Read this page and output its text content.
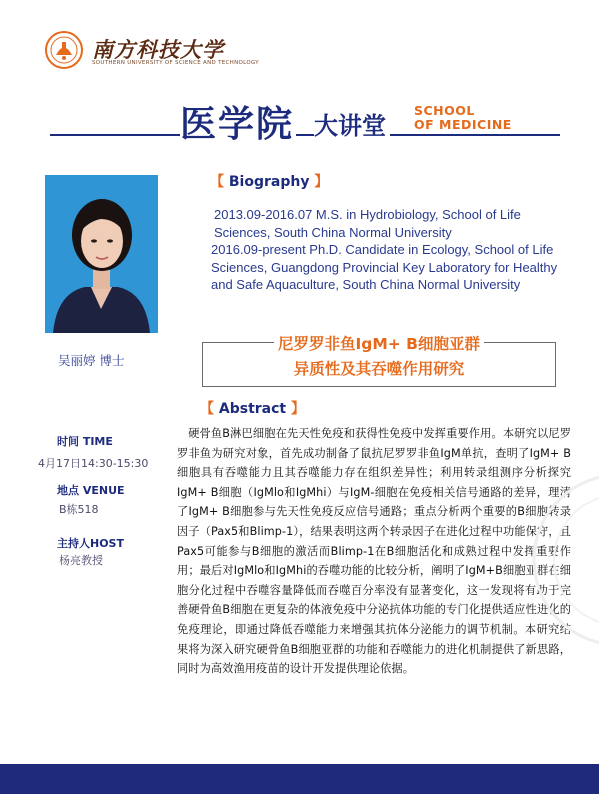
南方科技大学
SOUTHERN UNIVERSITY OF SCIENCE AND TECHNOLOGY
医学院 大讲堂
SCHOOL
OF MEDICINE
吴丽婷 博士
【 Biography 】

2013.09-2016.07 M.S. in Hydrobiology, School of Life Sciences, South China Normal University

2016.09-present Ph.D. Candidate in Ecology, School of Life Sciences, Guangdong Provincial Key Laboratory for Healthy and Safe Aquaculture, South China Normal University

尼罗罗非鱼IgM+ B细胞亚群
异质性及其吞噬作用研究
【 Abstract 】
硬骨鱼B淋巴细胞在先天性免疫和获得性免疫中发挥重要作用。本研究以尼罗罗非鱼为研究对象，首先成功制备了鼠抗尼罗罗非鱼IgM单抗，查明了IgM+ B细胞具有吞噬能力且其吞噬能力存在组织差异性；利用转录组测序分析探究IgM+ B细胞（IgMlo和IgMhi）与IgM-细胞在免疫相关信号通路的差异，理清了IgM+ B细胞参与先天性免疫反应信号通路；重点分析两个重要的B细胞转录因子（Pax5和Blimp-1），结果表明这两个转录因子在进化过程中功能保守，且Pax5可能参与B细胞的激活而Blimp-1在B细胞活化和成熟过程中发挥重要作用；最后对IgMlo和IgMhi的吞噬功能的比较分析，阐明了IgM+B细胞亚群在细胞分化过程中吞噬容量降低而吞噬百分率没有显著变化，这一发现将有助于完善硬骨鱼B细胞在更复杂的体液免疫中分泌抗体功能的专门化提供适应性进化的免疫理论，即通过降低吞噬能力来增强其抗体分泌能力的调节机制。本研究结果将为深入研究硬骨鱼B细胞亚群的功能和吞噬能力的进化机制提供了新思路，同时为高效渔用疫苗的设计开发提供理论依据。
时间 TIME
4月17日14:30-15:30
地点 VENUE
B栋518
主持人HOST
杨亮教授
